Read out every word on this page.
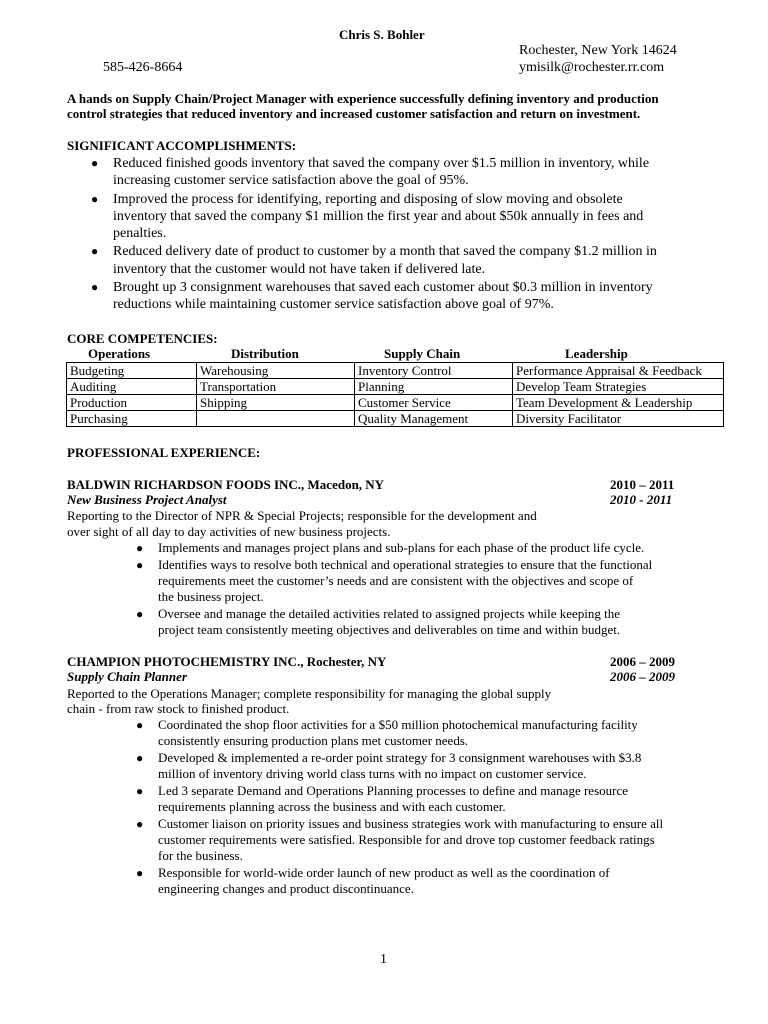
Chris S. Bohler
Rochester, New York 14624
585-426-8664	ymisilk@rochester.rr.com
A hands on Supply Chain/Project Manager with experience successfully defining inventory and production
control strategies that reduced inventory and increased customer satisfaction and return on investment.
SIGNIFICANT ACCOMPLISHMENTS:
● Reduced finished goods inventory that saved the company over $1.5 million in inventory, while
increasing customer service satisfaction above the goal of 95%.
● Improved the process for identifying, reporting and disposing of slow moving and obsolete
inventory that saved the company $1 million the first year and about $50k annually in fees and
penalties.
● Reduced delivery date of product to customer by a month that saved the company $1.2 million in
inventory that the customer would not have taken if delivered late.
● Brought up 3 consignment warehouses that saved each customer about $0.3 million in inventory
reductions while maintaining customer service satisfaction above goal of 97%.
CORE COMPETENCIES:
Operations	Distribution	Supply Chain	Leadership
Budgeting	Warehousing	Inventory Control	Performance Appraisal & Feedback
Auditing	Transportation	Planning	Develop Team Strategies
Production	Shipping	Customer Service	Team Development & Leadership
Purchasing		Quality Management	Diversity Facilitator
PROFESSIONAL EXPERIENCE:
BALDWIN RICHARDSON FOODS INC., Macedon, NY	2010 – 2011
New Business Project Analyst	2010 - 2011
Reporting to the Director of NPR & Special Projects; responsible for the development and
over sight of all day to day activities of new business projects.
● Implements and manages project plans and sub-plans for each phase of the product life cycle.
● Identifies ways to resolve both technical and operational strategies to ensure that the functional
requirements meet the customer’s needs and are consistent with the objectives and scope of
the business project.
● Oversee and manage the detailed activities related to assigned projects while keeping the
project team consistently meeting objectives and deliverables on time and within budget.
CHAMPION PHOTOCHEMISTRY INC., Rochester, NY	2006 – 2009
Supply Chain Planner	2006 – 2009
Reported to the Operations Manager; complete responsibility for managing the global supply
chain - from raw stock to finished product.
● Coordinated the shop floor activities for a $50 million photochemical manufacturing facility
consistently ensuring production plans met customer needs.
● Developed & implemented a re-order point strategy for 3 consignment warehouses with $3.8
million of inventory driving world class turns with no impact on customer service.
● Led 3 separate Demand and Operations Planning processes to define and manage resource
requirements planning across the business and with each customer.
● Customer liaison on priority issues and business strategies work with manufacturing to ensure all
customer requirements were satisfied. Responsible for and drove top customer feedback ratings
for the business.
● Responsible for world-wide order launch of new product as well as the coordination of
engineering changes and product discontinuance.
1
